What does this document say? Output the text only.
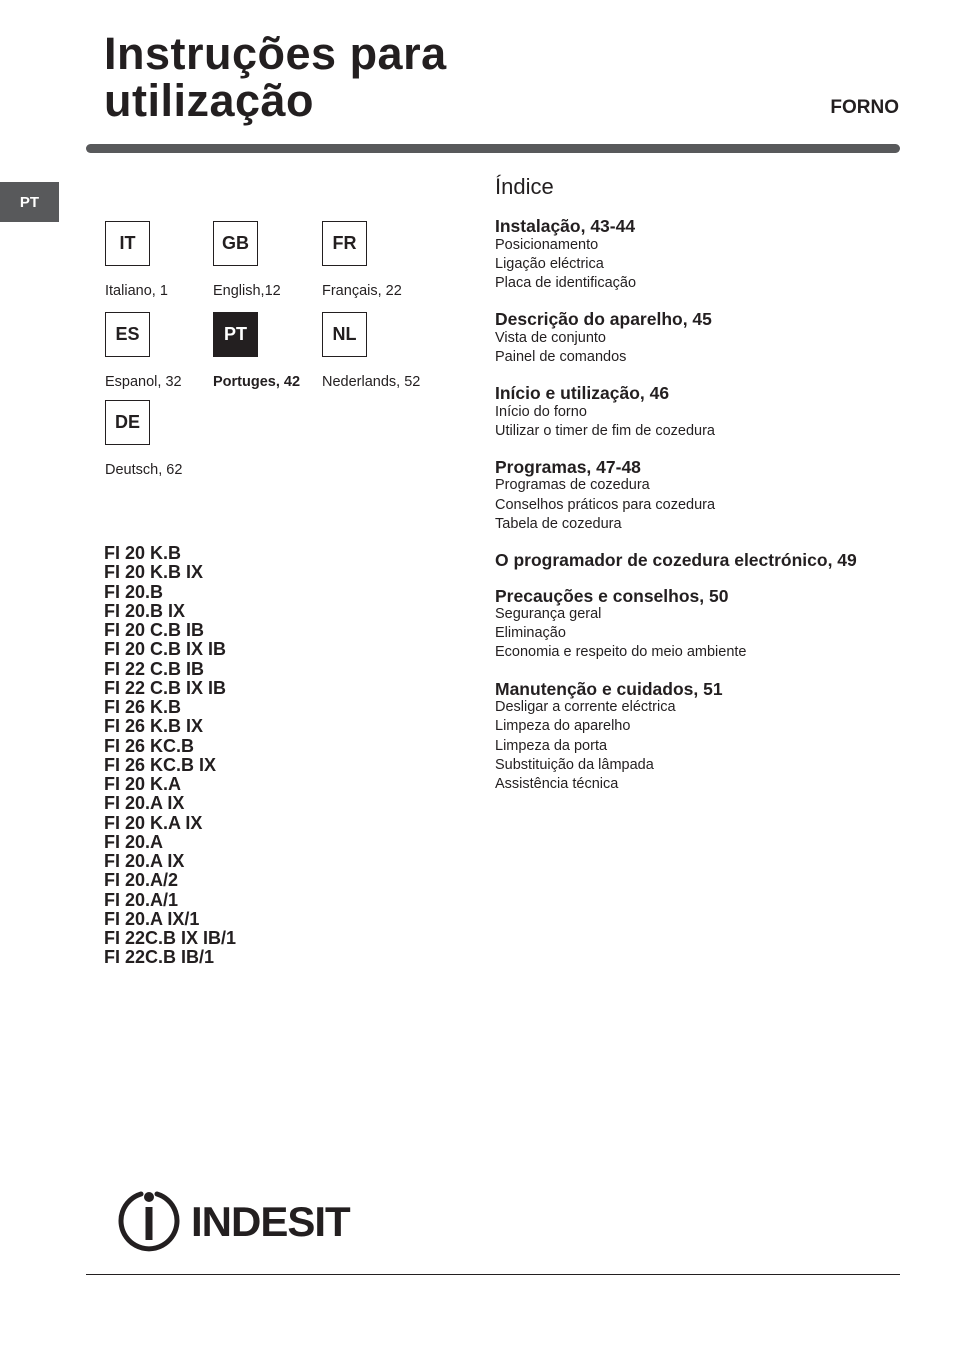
Instruções para
utilização	FORNO
PT
IT
Italiano, 1
GB
English,12
FR
Français, 22
ES
Espanol, 32
PT
Portuges, 42
NL
Nederlands, 52
DE
Deutsch, 62
FI 20 K.B
FI 20 K.B IX
FI 20.B
FI 20.B IX
FI 20 C.B IB
FI 20 C.B IX IB
FI 22 C.B IB
FI 22 C.B IX IB
FI 26 K.B
FI 26 K.B IX
FI 26 KC.B
FI 26 KC.B IX
FI 20 K.A
FI 20.A IX
FI 20 K.A IX
FI 20.A
FI 20.A IX
FI 20.A/2
FI 20.A/1
FI 20.A IX/1
FI 22C.B IX IB/1
FI 22C.B IB/1
Índice
Instalação, 43-44
Posicionamento
Ligação eléctrica
Placa de identificação
Descrição do aparelho, 45
Vista de conjunto
Painel de comandos
Início e utilização, 46
Início do forno
Utilizar o timer de fim de cozedura
Programas, 47-48
Programas de cozedura
Conselhos práticos para cozedura
Tabela de cozedura
O programador de cozedura electrónico, 49
Precauções e conselhos, 50
Segurança geral
Eliminação
Economia e respeito do meio ambiente
Manutenção e cuidados, 51
Desligar a corrente eléctrica
Limpeza do aparelho
Limpeza da porta
Substituição da lâmpada
Assistência técnica
INDESIT
